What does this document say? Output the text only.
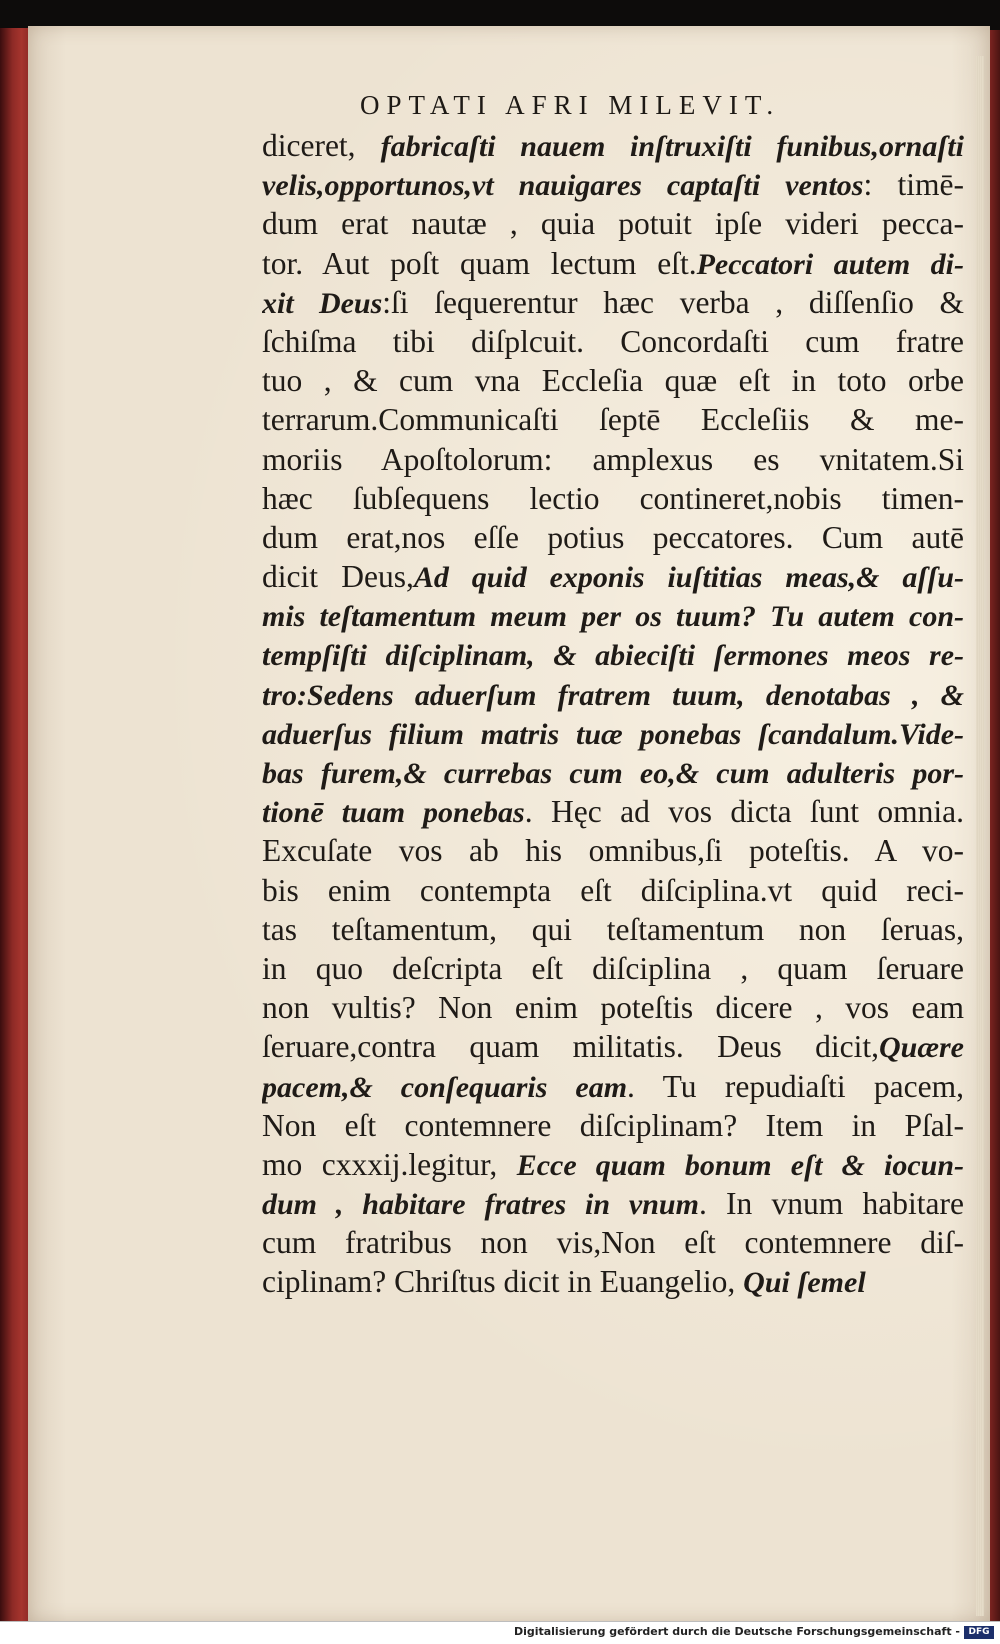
OPTATI AFRI MILEVIT.
diceret, fabricaſti nauem inſtruxiſti funibus,ornaſti
velis,opportunos,vt nauigares captaſti ventos: timē-
dum erat nautæ , quia potuit ipſe videri pecca-
tor. Aut poſt quam lectum eſt.Peccatori autem di-
xit Deus:ſi ſequerentur hæc verba , diſſenſio &
ſchiſma tibi diſplcuit. Concordaſti cum fratre
tuo , & cum vna Eccleſia quæ eſt in toto orbe
terrarum.Communicaſti ſeptē Eccleſiis & me-
moriis Apoſtolorum: amplexus es vnitatem.Si
hæc ſubſequens lectio contineret,nobis timen-
dum erat,nos eſſe potius peccatores. Cum autē
dicit Deus,Ad quid exponis iuſtitias meas,& aſſu-
mis teſtamentum meum per os tuum? Tu autem con-
tempſiſti diſciplinam, & abieciſti ſermones meos re-
tro:Sedens aduerſum fratrem tuum, denotabas , &
aduerſus filium matris tuæ ponebas ſcandalum.Vide-
bas furem,& currebas cum eo,& cum adulteris por-
tionē tuam ponebas. Hęc ad vos dicta ſunt omnia.
Excuſate vos ab his omnibus,ſi poteſtis. A vo-
bis enim contempta eſt diſciplina.vt quid reci-
tas teſtamentum, qui teſtamentum non ſeruas,
in quo deſcripta eſt diſciplina , quam ſeruare
non vultis? Non enim poteſtis dicere , vos eam
ſeruare,contra quam militatis. Deus dicit,Quære
pacem,& conſequaris eam. Tu repudiaſti pacem,
Non eſt contemnere diſciplinam? Item in Pſal-
mo cxxxij.legitur, Ecce quam bonum eſt & iocun-
dum , habitare fratres in vnum. In vnum habitare
cum fratribus non vis,Non eſt contemnere diſ-
ciplinam? Chriſtus dicit in Euangelio, Qui ſemel
Digitalisierung gefördert durch die Deutsche Forschungsgemeinschaft - DFG
